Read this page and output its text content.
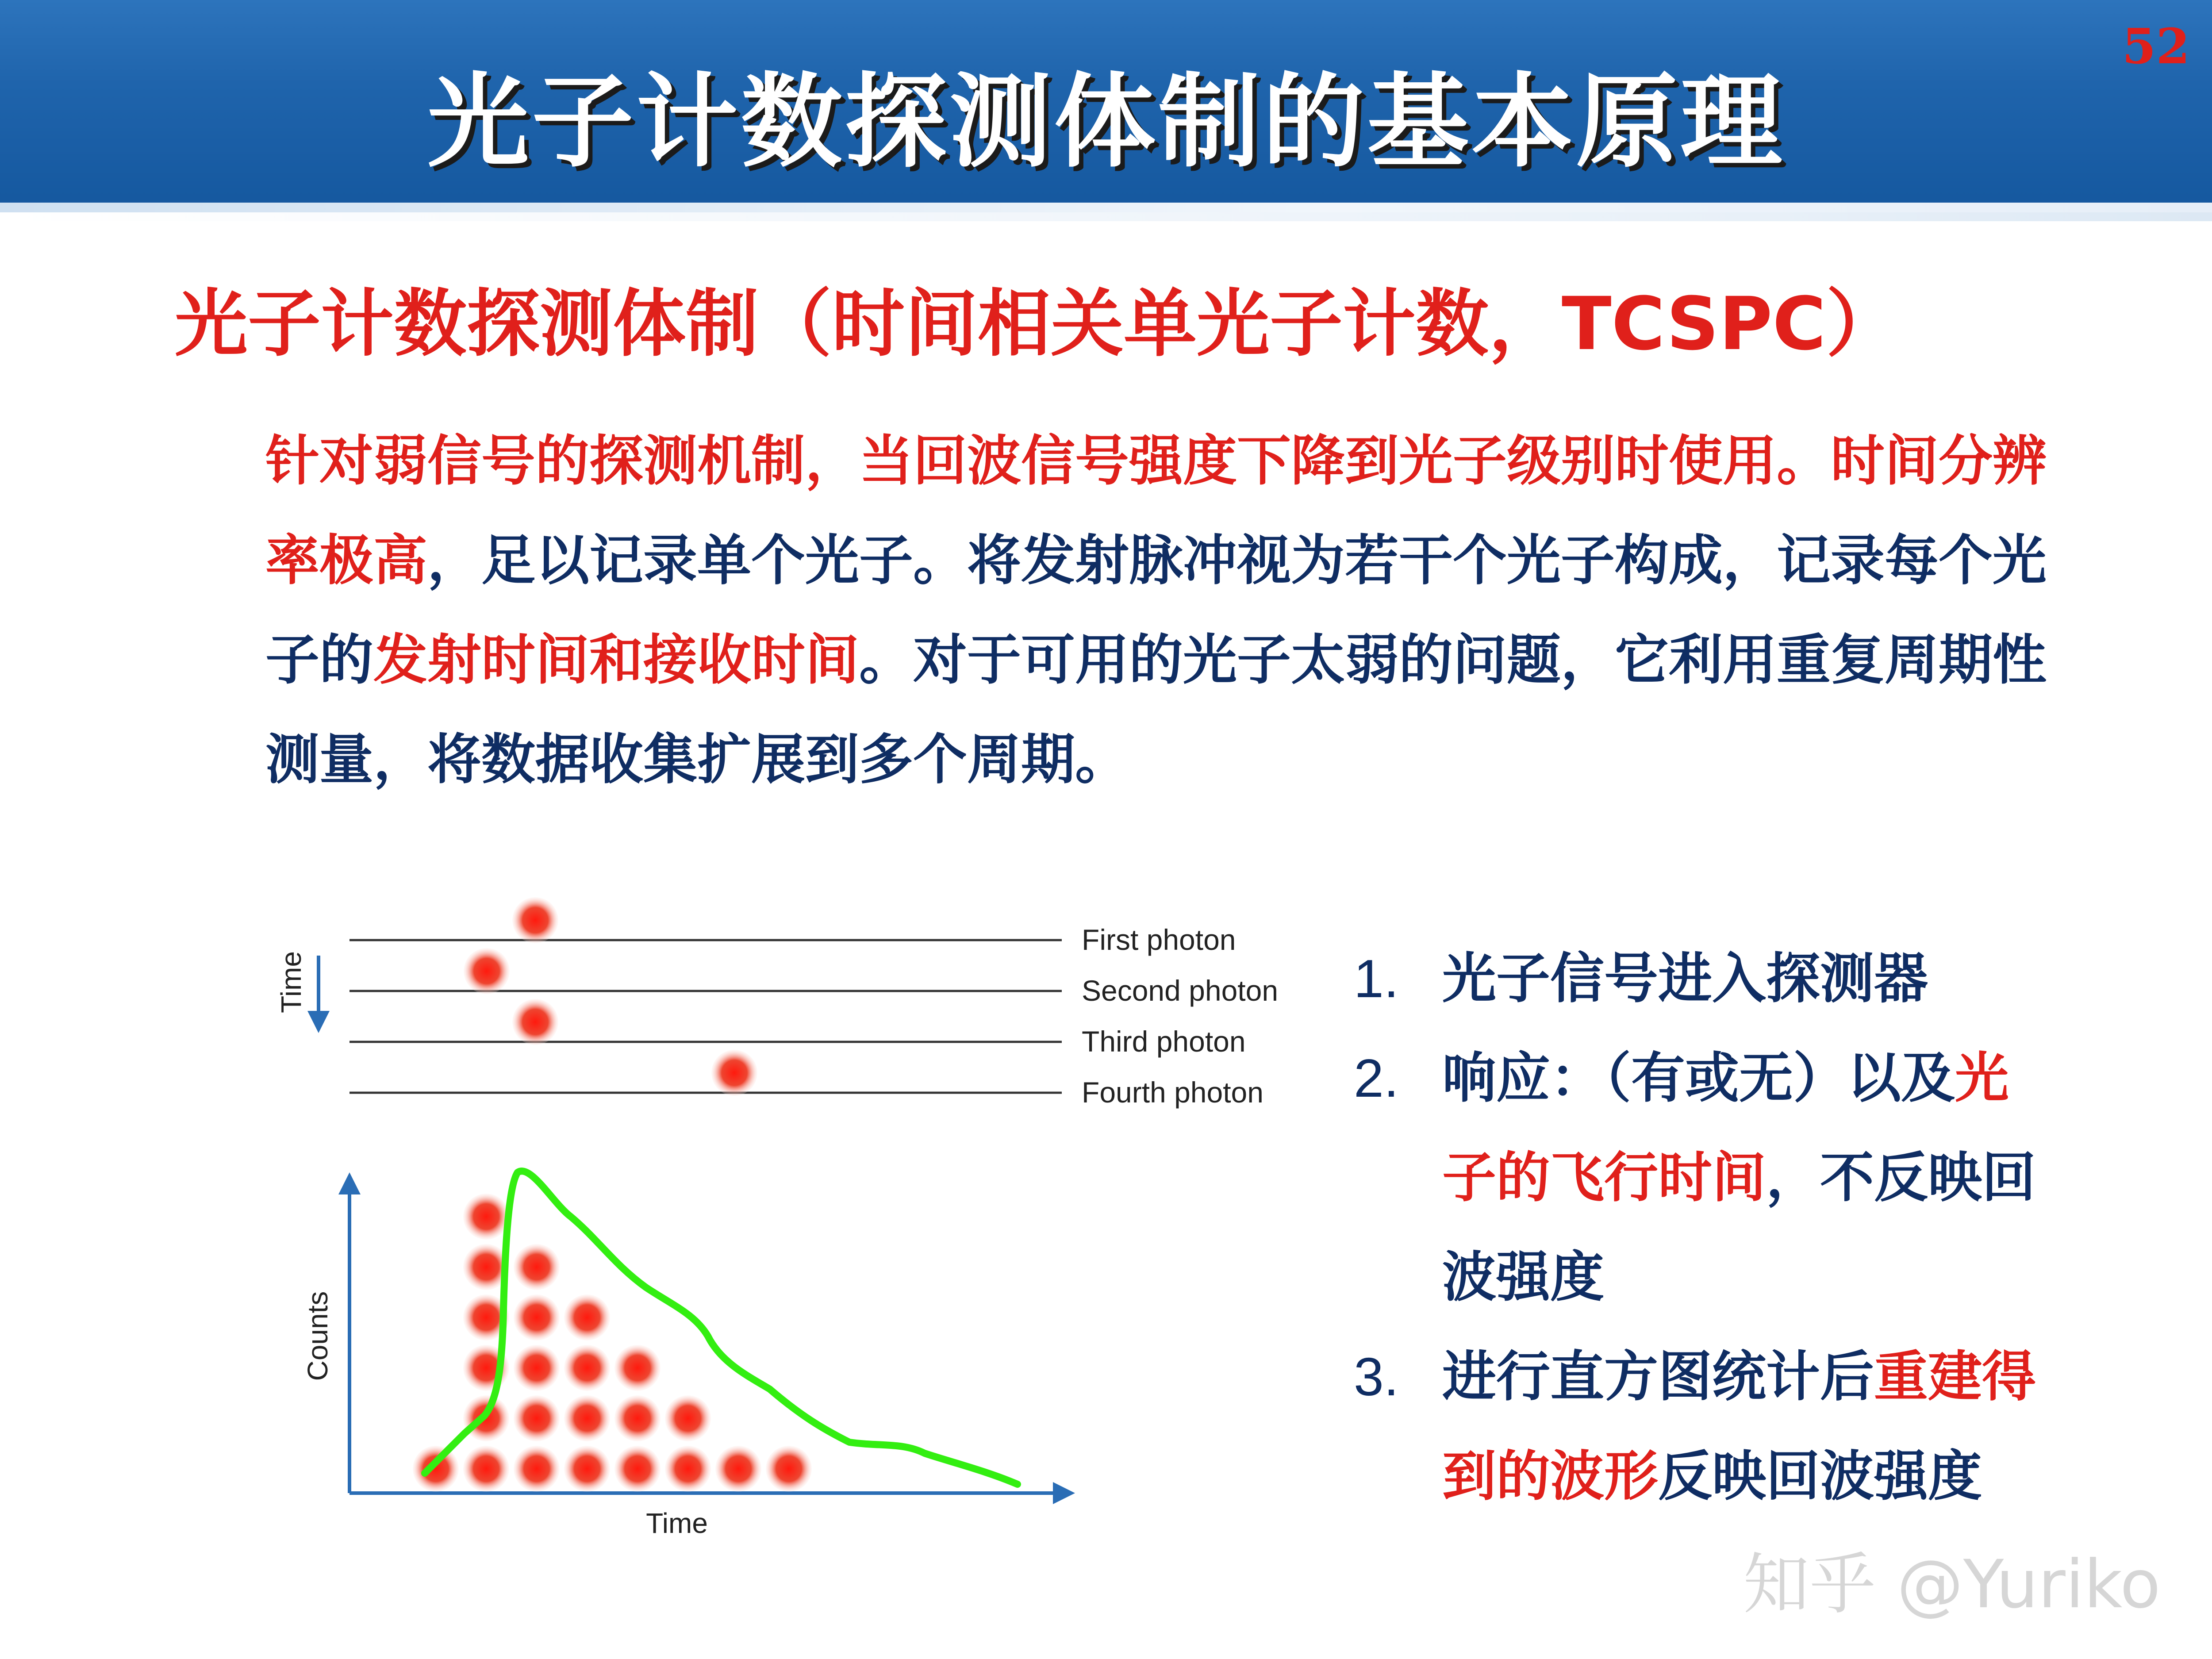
光子计数探测体制的基本原理
52
光子计数探测体制（时间相关单光子计数，TCSPC）
针对弱信号的探测机制，当回波信号强度下降到光子级别时使用。时间分辨率极高，足以记录单个光子。将发射脉冲视为若干个光子构成，记录每个光子的发射时间和接收时间。对于可用的光子太弱的问题，它利用重复周期性测量，将数据收集扩展到多个周期。
Time
First photon
Second photon
Third photon
Fourth photon
Counts
Time
1. 光子信号进入探测器
2. 响应：（有或无）以及光子的飞行时间，不反映回波强度
3. 进行直方图统计后重建得到的波形反映回波强度
知乎 @Yuriko
